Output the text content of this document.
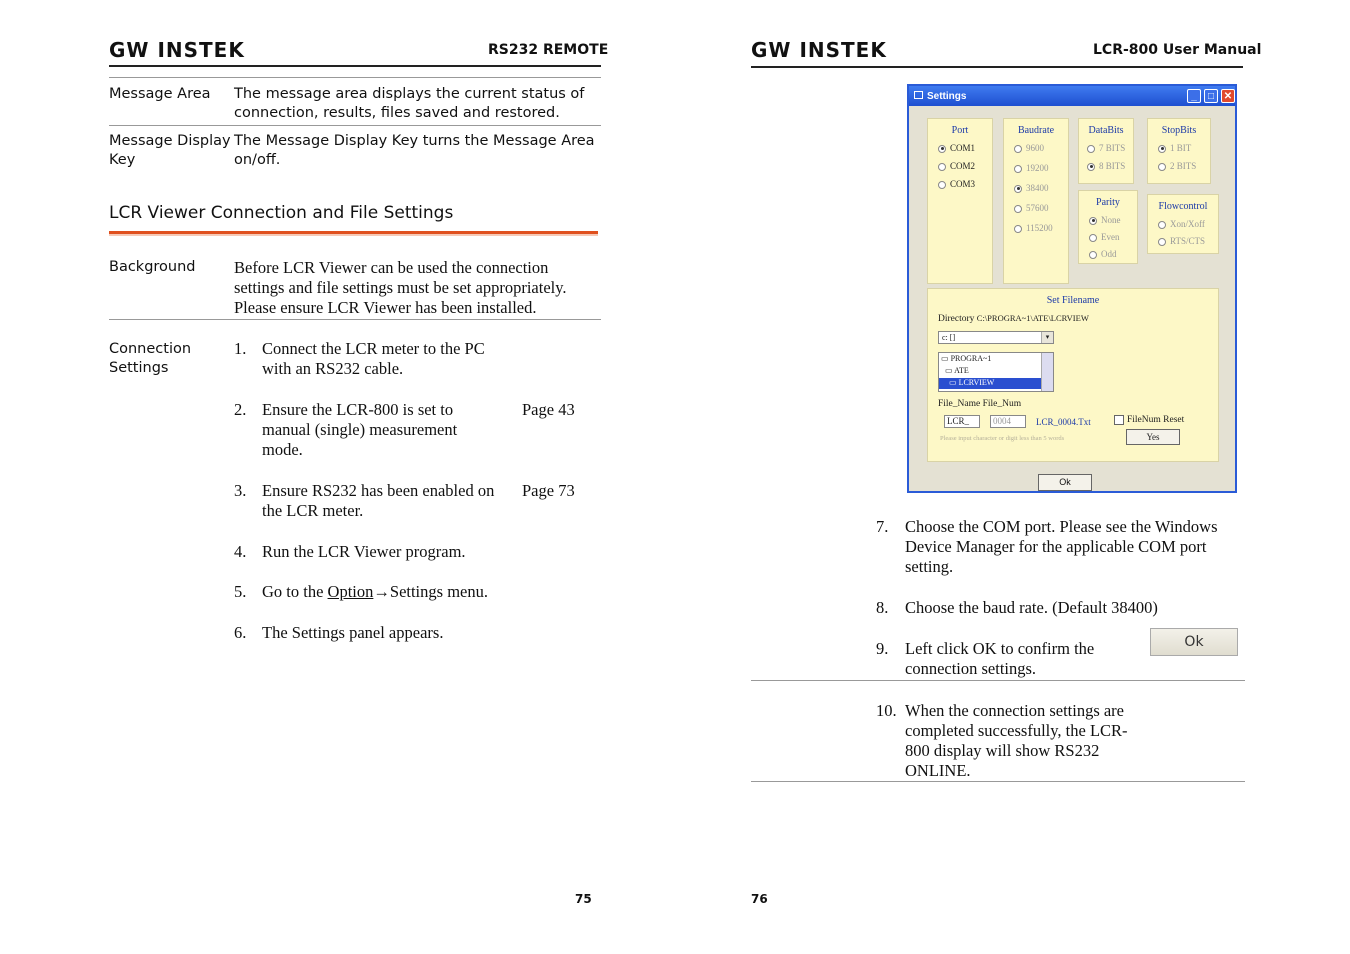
GW INSTEK	RS232 REMOTE
Message Area The message area displays the current status of
connection, results, files saved and restored.
Message Display
Key
The Message Display Key turns the Message Area
on/off.
LCR Viewer Connection and File Settings
Background Before LCR Viewer can be used the connection
settings and file settings must be set appropriately.
Please ensure LCR Viewer has been installed.
Connection
Settings
1. Connect the LCR meter to the PC
with an RS232 cable.
2. Ensure the LCR-800 is set to
manual (single) measurement
mode.
Page 43
3. Ensure RS232 has been enabled on
the LCR meter.
Page 73
4. Run the LCR Viewer program.
5. Go to the Option→Settings menu.
6. The Settings panel appears.
75
GW INSTEK	LCR-800 User Manual
Settings	_	□ ✕
Port
COM1
COM2
COM3
Baudrate
9600
19200
38400
57600
115200
DataBits
7 BITS
8 BITS
StopBits
1 BIT
2 BITS
Parity
None
Even
Odd
Flowcontrol
Xon/Xoff
RTS/CTS
Set Filename
Directory C:\PROGRA~1\ATE\LCRVIEW
c: []	▾
▭ PROGRA~1
▭ ATE
▭ LCRVIEW
File_Name File_Num
LCR_	0004	LCR_0004.Txt	FileNum Reset
Yes
Please input character or digit less than 5 words
Ok
7. Choose the COM port. Please see the Windows
Device Manager for the applicable COM port
setting.
8. Choose the baud rate. (Default 38400)
9. Left click OK to confirm the
connection settings.
Ok
10. When the connection settings are
completed successfully, the LCR-
800 display will show RS232
ONLINE.
76
